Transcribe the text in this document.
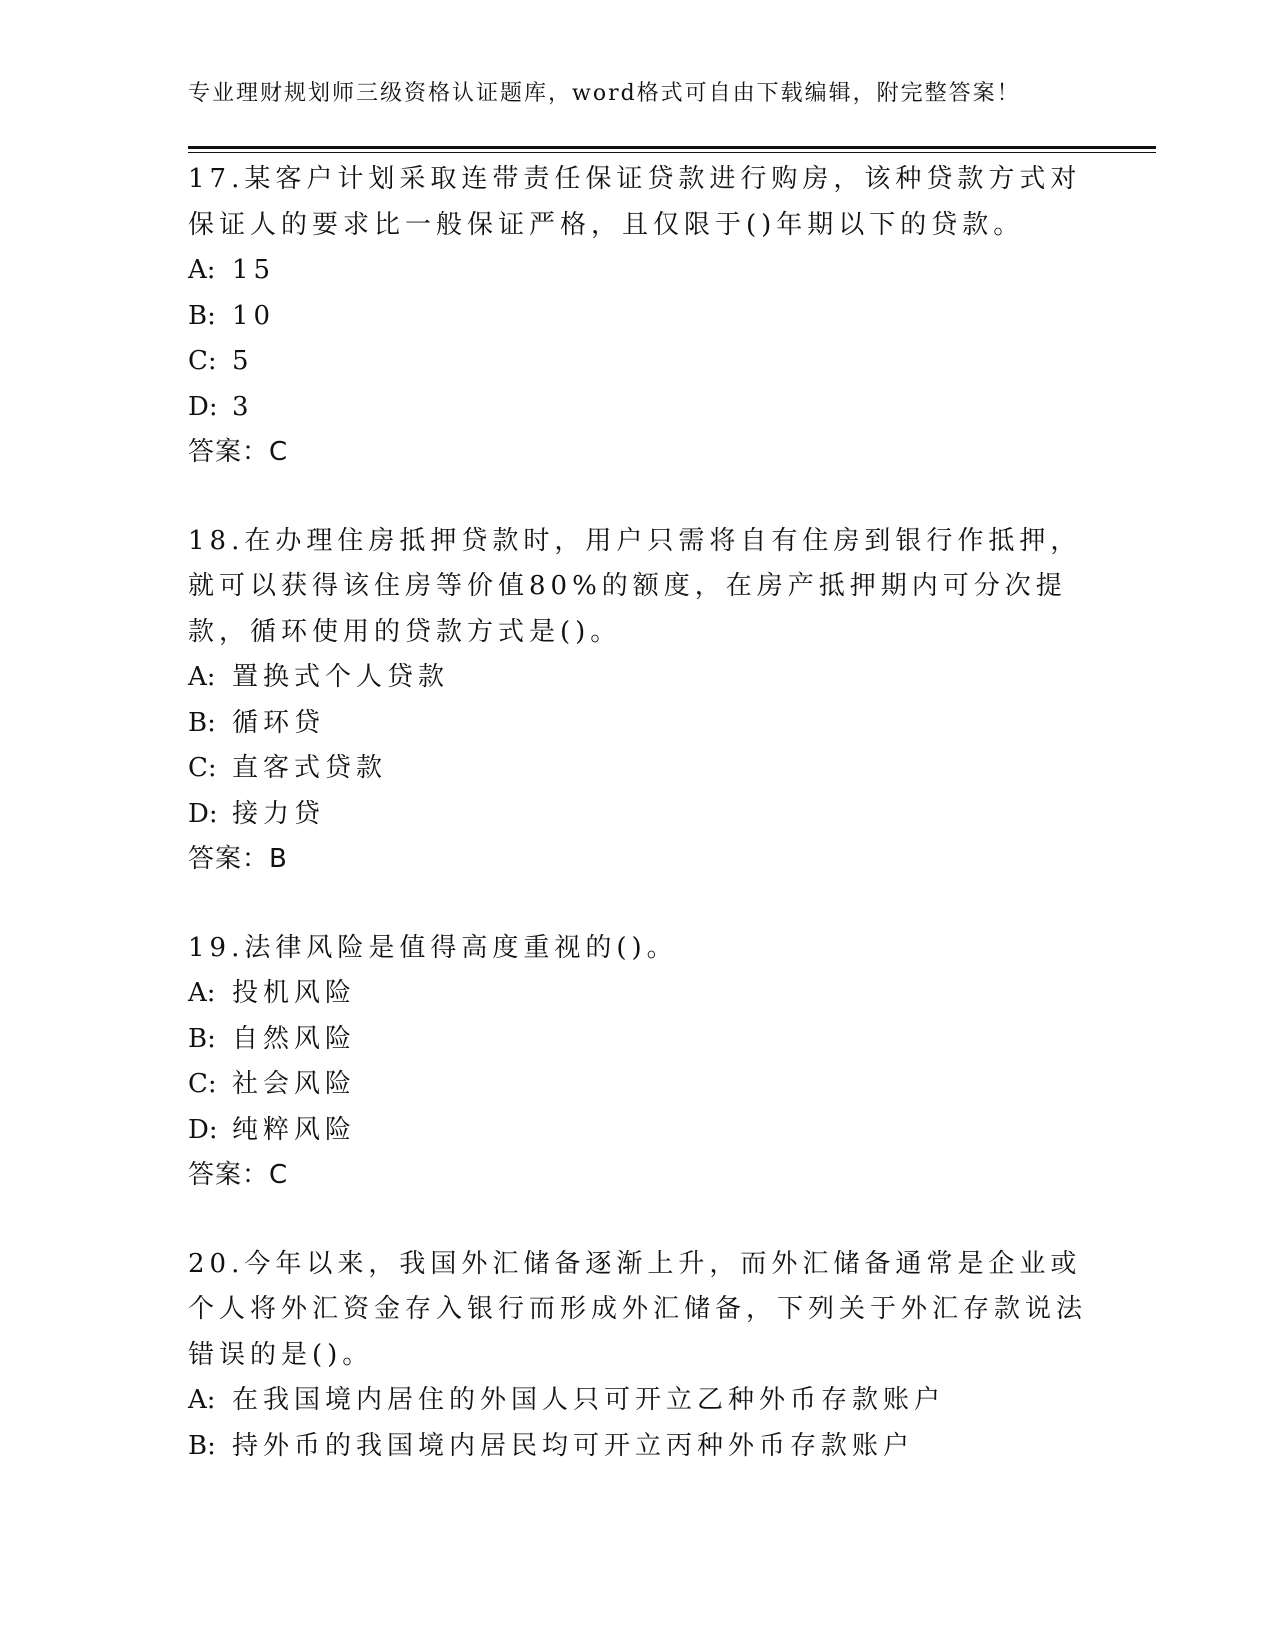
专业理财规划师三级资格认证题库，word格式可自由下载编辑，附完整答案！
17.某客户计划采取连带责任保证贷款进行购房，该种贷款方式对保证人的要求比一般保证严格，且仅限于()年期以下的贷款。
A: 15
B: 10
C: 5
D: 3
答案：C
18.在办理住房抵押贷款时，用户只需将自有住房到银行作抵押，就可以获得该住房等价值80%的额度，在房产抵押期内可分次提款，循环使用的贷款方式是()。
A: 置换式个人贷款
B: 循环贷
C: 直客式贷款
D: 接力贷
答案：B
19.法律风险是值得高度重视的()。
A: 投机风险
B: 自然风险
C: 社会风险
D: 纯粹风险
答案：C
20.今年以来，我国外汇储备逐渐上升，而外汇储备通常是企业或个人将外汇资金存入银行而形成外汇储备，下列关于外汇存款说法错误的是()。
A: 在我国境内居住的外国人只可开立乙种外币存款账户
B: 持外币的我国境内居民均可开立丙种外币存款账户
